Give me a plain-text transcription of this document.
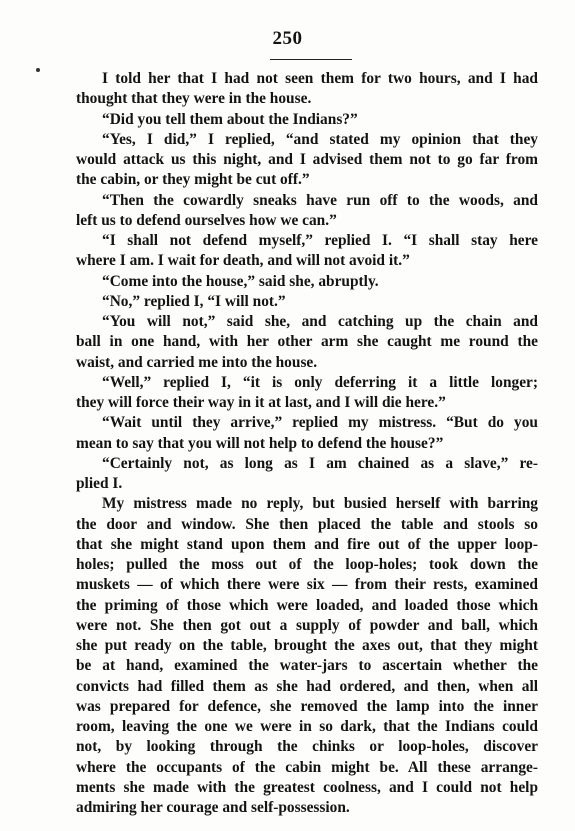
250
I told her that I had not seen them for two hours, and I had
thought that they were in the house.
“Did you tell them about the Indians?”
“Yes, I did,” I replied, “and stated my opinion that they
would attack us this night, and I advised them not to go far from
the cabin, or they might be cut off.”
“Then the cowardly sneaks have run off to the woods, and
left us to defend ourselves how we can.”
“I shall not defend myself,” replied I. “I shall stay here
where I am. I wait for death, and will not avoid it.”
“Come into the house,” said she, abruptly.
“No,” replied I, “I will not.”
“You will not,” said she, and catching up the chain and
ball in one hand, with her other arm she caught me round the
waist, and carried me into the house.
“Well,” replied I, “it is only deferring it a little longer;
they will force their way in it at last, and I will die here.”
“Wait until they arrive,” replied my mistress. “But do you
mean to say that you will not help to defend the house?”
“Certainly not, as long as I am chained as a slave,” re-
plied I.
My mistress made no reply, but busied herself with barring
the door and window. She then placed the table and stools so
that she might stand upon them and fire out of the upper loop-
holes; pulled the moss out of the loop-holes; took down the
muskets — of which there were six — from their rests, examined
the priming of those which were loaded, and loaded those which
were not. She then got out a supply of powder and ball, which
she put ready on the table, brought the axes out, that they might
be at hand, examined the water-jars to ascertain whether the
convicts had filled them as she had ordered, and then, when all
was prepared for defence, she removed the lamp into the inner
room, leaving the one we were in so dark, that the Indians could
not, by looking through the chinks or loop-holes, discover
where the occupants of the cabin might be. All these arrange-
ments she made with the greatest coolness, and I could not help
admiring her courage and self-possession.
